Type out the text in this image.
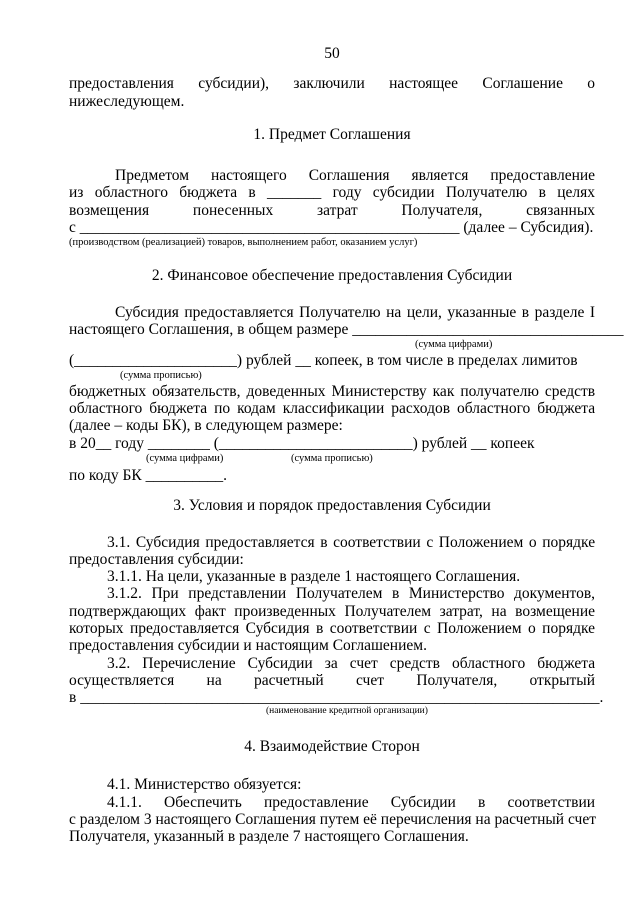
50
предоставления субсидии), заключили настоящее Соглашение о
нижеследующем.
1. Предмет Соглашения
Предметом настоящего Соглашения является предоставление
из областного бюджета в _______ году субсидии Получателю в целях
возмещения	понесенных	затрат	Получателя,	связанных
с _________________________________________________ (далее – Субсидия).
(производством (реализацией) товаров, выполнением работ, оказанием услуг)
2. Финансовое обеспечение предоставления Субсидии
Субсидия предоставляется Получателю на цели, указанные в разделе I
настоящего Соглашения, в общем размере ___________________________________
(сумма цифрами)
(_____________________) рублей __ копеек, в том числе в пределах лимитов
(сумма прописью)
бюджетных обязательств, доведенных Министерству как получателю средств
областного бюджета по кодам классификации расходов областного бюджета
(далее – коды БК), в следующем размере:
в 20__ году ________ (_________________________) рублей __ копеек
(сумма цифрами)	(сумма прописью)
по коду БК __________.
3. Условия и порядок предоставления Субсидии
3.1. Субсидия предоставляется в соответствии с Положением о порядке
предоставления субсидии:
3.1.1. На цели, указанные в разделе 1 настоящего Соглашения.
3.1.2. При представлении Получателем в Министерство документов,
подтверждающих факт произведенных Получателем затрат, на возмещение
которых предоставляется Субсидия в соответствии с Положением о порядке
предоставления субсидии и настоящим Соглашением.
3.2. Перечисление Субсидии за счет средств областного бюджета
осуществляется на расчетный счет Получателя, открытый
в ___________________________________________________________________.
(наименование кредитной организации)
4. Взаимодействие Сторон
4.1. Министерство обязуется:
4.1.1. Обеспечить предоставление Субсидии в соответствии
с разделом 3 настоящего Соглашения путем её перечисления на расчетный счет
Получателя, указанный в разделе 7 настоящего Соглашения.
